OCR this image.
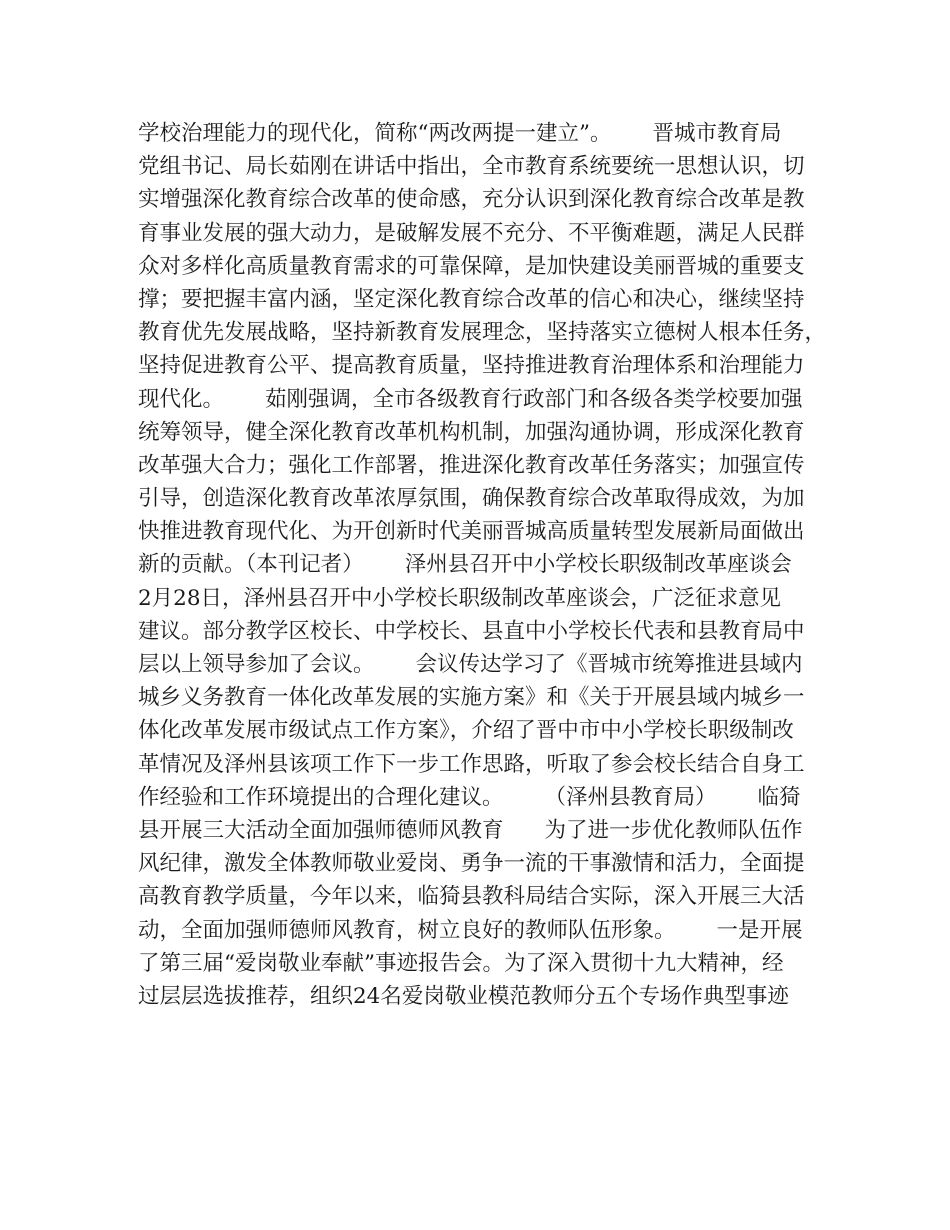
学校治理能力的现代化，简称“两改两提一建立”。      晋城市教育局
党组书记、局长茹刚在讲话中指出，全市教育系统要统一思想认识，切
实增强深化教育综合改革的使命感，充分认识到深化教育综合改革是教
育事业发展的强大动力，是破解发展不充分、不平衡难题，满足人民群
众对多样化高质量教育需求的可靠保障，是加快建设美丽晋城的重要支
撑；要把握丰富内涵，坚定深化教育综合改革的信心和决心，继续坚持
教育优先发展战略，坚持新教育发展理念，坚持落实立德树人根本任务，
坚持促进教育公平、提高教育质量，坚持推进教育治理体系和治理能力
现代化。      茹刚强调，全市各级教育行政部门和各级各类学校要加强
统筹领导，健全深化教育改革机构机制，加强沟通协调，形成深化教育
改革强大合力；强化工作部署，推进深化教育改革任务落实；加强宣传
引导，创造深化教育改革浓厚氛围，确保教育综合改革取得成效，为加
快推进教育现代化、为开创新时代美丽晋城高质量转型发展新局面做出
新的贡献。（本刊记者）      泽州县召开中小学校长职级制改革座谈会
2月28日，泽州县召开中小学校长职级制改革座谈会，广泛征求意见
建议。部分教学区校长、中学校长、县直中小学校长代表和县教育局中
层以上领导参加了会议。      会议传达学习了《晋城市统筹推进县域内
城乡义务教育一体化改革发展的实施方案》和《关于开展县域内城乡一
体化改革发展市级试点工作方案》，介绍了晋中市中小学校长职级制改
革情况及泽州县该项工作下一步工作思路，听取了参会校长结合自身工
作经验和工作环境提出的合理化建议。      （泽州县教育局）      临猗
县开展三大活动全面加强师德师风教育      为了进一步优化教师队伍作
风纪律，激发全体教师敬业爱岗、勇争一流的干事激情和活力，全面提
高教育教学质量，今年以来，临猗县教科局结合实际，深入开展三大活
动，全面加强师德师风教育，树立良好的教师队伍形象。      一是开展
了第三届“爱岗敬业奉献”事迹报告会。为了深入贯彻十九大精神，经
过层层选拔推荐，组织24名爱岗敬业模范教师分五个专场作典型事迹
